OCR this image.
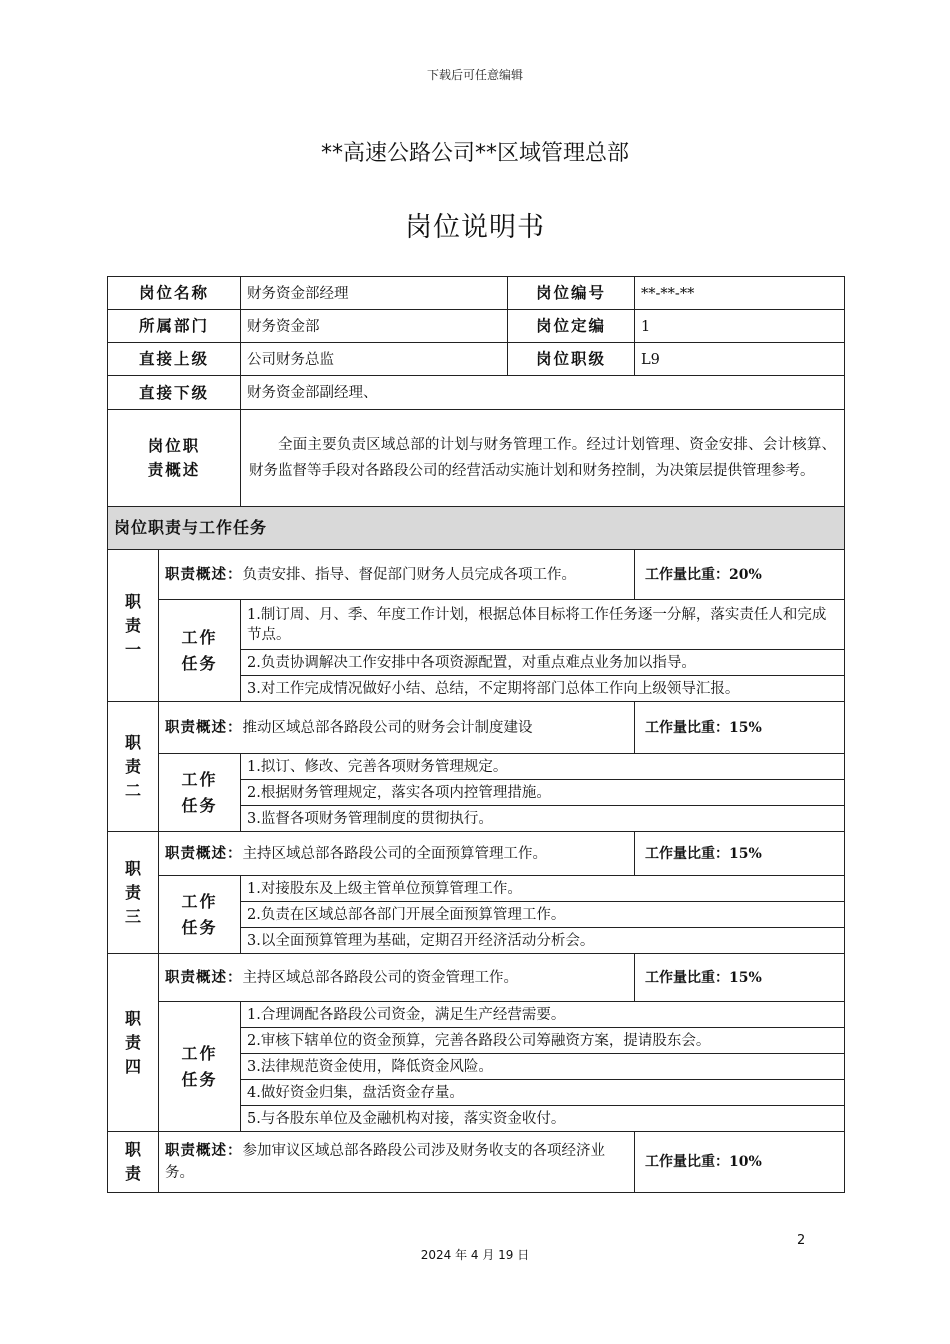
下载后可任意编辑
**高速公路公司**区域管理总部
岗位说明书
岗位名称		财务资金部经理	岗位编号	**-**-**
所属部门		财务资金部	岗位定编	1
直接上级		公司财务总监	岗位职级	L9
直接下级		财务资金部副经理、		

岗位职
责概述		全面主要负责区域总部的计划与财务管理工作。经过计划管理、资金安排、会计核算、财务监督等手段对各路段公司的经营活动实施计划和财务控制，为决策层提供管理参考。		
岗位职责与工作任务				

职
责
一	职责概述：负责安排、指导、督促部门财务人员完成各项工作。			工作量比重：20%

	工作
任务	1.制订周、月、季、年度工作计划，根据总体目标将工作任务逐一分解，落实责任人和完成节点。		
		2.负责协调解决工作安排中各项资源配置，对重点难点业务加以指导。		
		3.对工作完成情况做好小结、总结，不定期将部门总体工作向上级领导汇报。		

职
责
二	职责概述：推动区域总部各路段公司的财务会计制度建设			工作量比重：15%

	工作
任务	1.拟订、修改、完善各项财务管理规定。		
		2.根据财务管理规定，落实各项内控管理措施。		
		3.监督各项财务管理制度的贯彻执行。		

职
责
三	职责概述：主持区域总部各路段公司的全面预算管理工作。			工作量比重：15%

	工作
任务	1.对接股东及上级主管单位预算管理工作。		
		2.负责在区域总部各部门开展全面预算管理工作。		
		3.以全面预算管理为基础，定期召开经济活动分析会。		

职
责
四	职责概述：主持区域总部各路段公司的资金管理工作。			工作量比重：15%

	工作
任务	1.合理调配各路段公司资金，满足生产经营需要。		
		2.审核下辖单位的资金预算，完善各路段公司筹融资方案，提请股东会。		
		3.法律规范资金使用，降低资金风险。		
		4.做好资金归集，盘活资金存量。		
		5.与各股东单位及金融机构对接，落实资金收付。		

职
责	职责概述：参加审议区域总部各路段公司涉及财务收支的各项经济业务。			工作量比重：10%
2
2024 年 4 月 19 日
